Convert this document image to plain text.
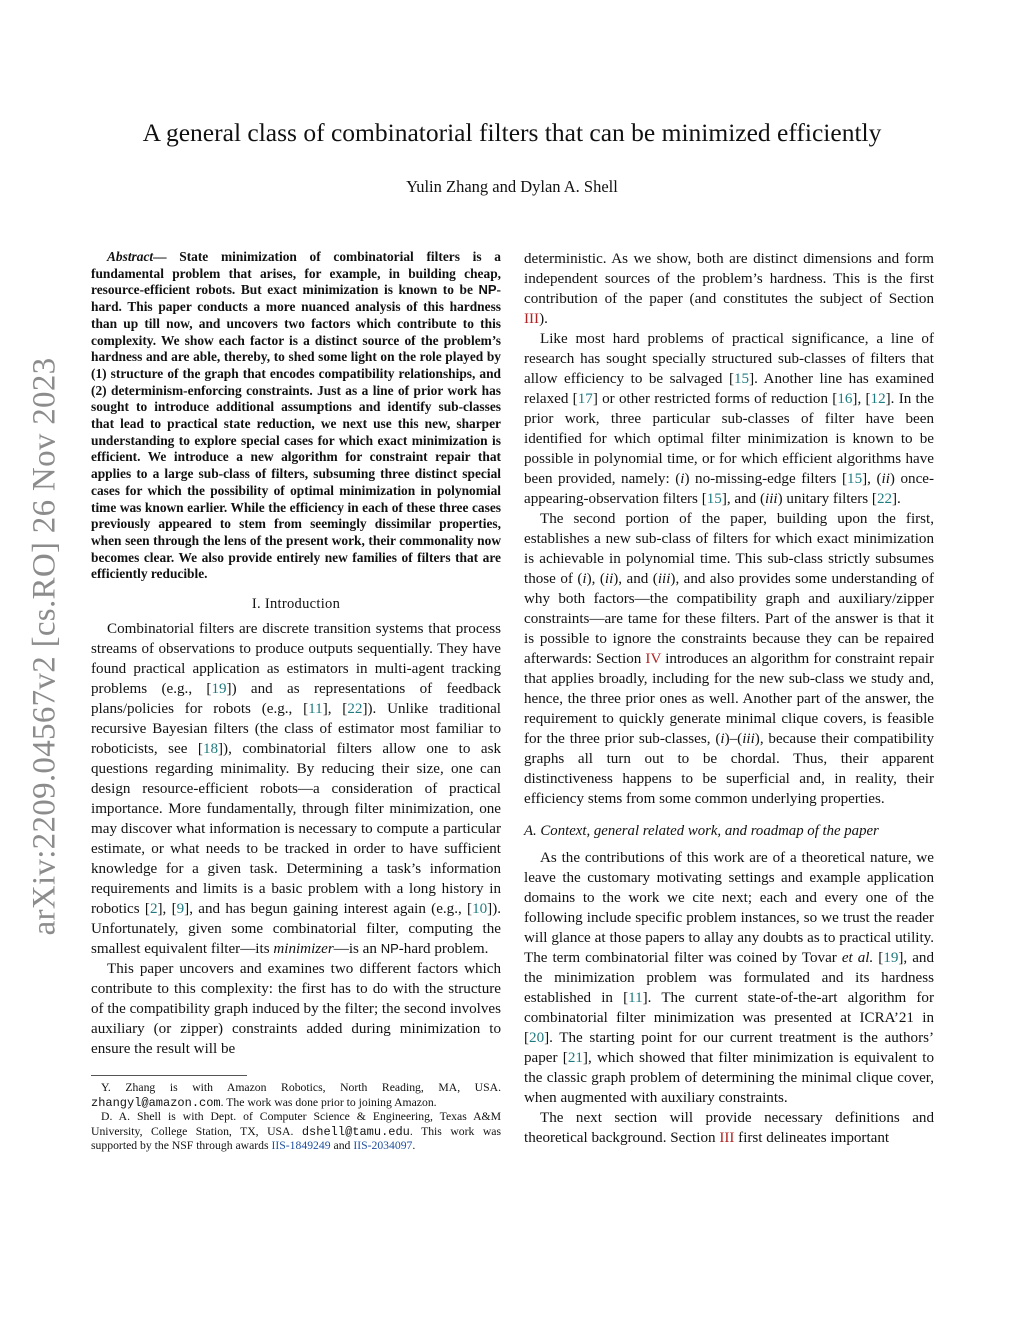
arXiv:2209.04567v2 [cs.RO] 26 Nov 2023
A general class of combinatorial filters that can be minimized efficiently
Yulin Zhang and Dylan A. Shell

Abstract— State minimization of combinatorial filters is a fundamental problem that arises, for example, in building cheap, resource-efficient robots. But exact minimization is known to be NP-hard. This paper conducts a more nuanced analysis of this hardness than up till now, and uncovers two factors which contribute to this complexity. We show each factor is a distinct source of the problem’s hardness and are able, thereby, to shed some light on the role played by (1) structure of the graph that encodes compatibility relationships, and (2) determinism-enforcing constraints. Just as a line of prior work has sought to introduce additional assumptions and identify sub-classes that lead to practical state reduction, we next use this new, sharper understanding to explore special cases for which exact minimization is efficient. We introduce a new algorithm for constraint repair that applies to a large sub-class of filters, subsuming three distinct special cases for which the possibility of optimal minimization in polynomial time was known earlier. While the efficiency in each of these three cases previously appeared to stem from seemingly dissimilar properties, when seen through the lens of the present work, their commonality now becomes clear. We also provide entirely new families of filters that are efficiently reducible.

I. Introduction

Combinatorial filters are discrete transition systems that process streams of observations to produce outputs sequentially. They have found practical application as estimators in multi-agent tracking problems (e.g., [19]) and as representations of feedback plans/policies for robots (e.g., [11], [22]). Unlike traditional recursive Bayesian filters (the class of estimator most familiar to roboticists, see [18]), combinatorial filters allow one to ask questions regarding minimality. By reducing their size, one can design resource-efficient robots—a consideration of practical importance. More fundamentally, through filter minimization, one may discover what information is necessary to compute a particular estimate, or what needs to be tracked in order to have sufficient knowledge for a given task. Determining a task’s information requirements and limits is a basic problem with a long history in robotics [2], [9], and has begun gaining interest again (e.g., [10]). Unfortunately, given some combinatorial filter, computing the smallest equivalent filter—its minimizer—is an NP-hard problem.

This paper uncovers and examines two different factors which contribute to this complexity: the first has to do with the structure of the compatibility graph induced by the filter; the second involves auxiliary (or zipper) constraints added during minimization to ensure the result will be

Y. Zhang is with Amazon Robotics, North Reading, MA, USA. zhangyl@amazon.com. The work was done prior to joining Amazon.

D. A. Shell is with Dept. of Computer Science & Engineering, Texas A&M University, College Station, TX, USA. dshell@tamu.edu. This work was supported by the NSF through awards IIS-1849249 and IIS-2034097.

deterministic. As we show, both are distinct dimensions and form independent sources of the problem’s hardness. This is the first contribution of the paper (and constitutes the subject of Section III).

Like most hard problems of practical significance, a line of research has sought specially structured sub-classes of filters that allow efficiency to be salvaged [15]. Another line has examined relaxed [17] or other restricted forms of reduction [16], [12]. In the prior work, three particular sub-classes of filter have been identified for which optimal filter minimization is known to be possible in polynomial time, or for which efficient algorithms have been provided, namely: (i) no-missing-edge filters [15], (ii) once-appearing-observation filters [15], and (iii) unitary filters [22].

The second portion of the paper, building upon the first, establishes a new sub-class of filters for which exact minimization is achievable in polynomial time. This sub-class strictly subsumes those of (i), (ii), and (iii), and also provides some understanding of why both factors—the compatibility graph and auxiliary/zipper constraints—are tame for these filters. Part of the answer is that it is possible to ignore the constraints because they can be repaired afterwards: Section IV introduces an algorithm for constraint repair that applies broadly, including for the new sub-class we study and, hence, the three prior ones as well. Another part of the answer, the requirement to quickly generate minimal clique covers, is feasible for the three prior sub-classes, (i)–(iii), because their compatibility graphs all turn out to be chordal. Thus, their apparent distinctiveness happens to be superficial and, in reality, their efficiency stems from some common underlying properties.

A. Context, general related work, and roadmap of the paper

As the contributions of this work are of a theoretical nature, we leave the customary motivating settings and example application domains to the work we cite next; each and every one of the following include specific problem instances, so we trust the reader will glance at those papers to allay any doubts as to practical utility. The term combinatorial filter was coined by Tovar et al. [19], and the minimization problem was formulated and its hardness established in [11]. The current state-of-the-art algorithm for combinatorial filter minimization was presented at ICRA’21 in [20]. The starting point for our current treatment is the authors’ paper [21], which showed that filter minimization is equivalent to the classic graph problem of determining the minimal clique cover, when augmented with auxiliary constraints.

The next section will provide necessary definitions and theoretical background. Section III first delineates important
